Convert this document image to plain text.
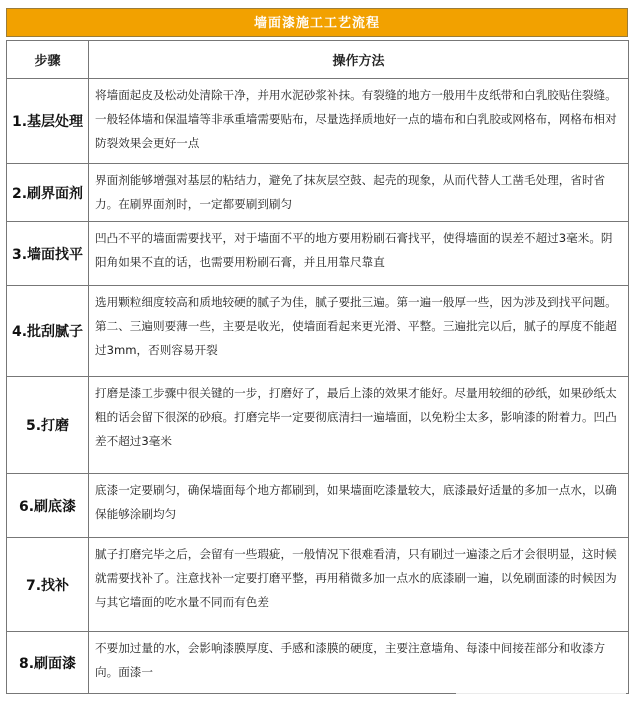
墙面漆施工工艺流程
步骤	操作方法
1.基层处理	将墙面起皮及松动处清除干净，并用水泥砂浆补抹。有裂缝的地方一般用牛皮纸带和白乳胶贴住裂缝。一般轻体墙和保温墙等非承重墙需要贴布，尽量选择质地好一点的墙布和白乳胶或网格布，网格布相对防裂效果会更好一点
2.刷界面剂	界面剂能够增强对基层的粘结力，避免了抹灰层空鼓、起壳的现象，从而代替人工凿毛处理，省时省力。在刷界面剂时，一定都要刷到刷匀
3.墙面找平	凹凸不平的墙面需要找平，对于墙面不平的地方要用粉刷石膏找平，使得墙面的误差不超过3毫米。阴阳角如果不直的话，也需要用粉刷石膏，并且用靠尺靠直
4.批刮腻子	选用颗粒细度较高和质地较硬的腻子为佳，腻子要批三遍。第一遍一般厚一些，因为涉及到找平问题。第二、三遍则要薄一些，主要是收光，使墙面看起来更光滑、平整。三遍批完以后，腻子的厚度不能超过3mm，否则容易开裂
5.打磨	打磨是漆工步骤中很关键的一步，打磨好了，最后上漆的效果才能好。尽量用较细的砂纸，如果砂纸太粗的话会留下很深的砂痕。打磨完毕一定要彻底清扫一遍墙面，以免粉尘太多，影响漆的附着力。凹凸差不超过3毫米
6.刷底漆	底漆一定要刷匀，确保墙面每个地方都刷到，如果墙面吃漆量较大，底漆最好适量的多加一点水，以确保能够涂刷均匀
7.找补	腻子打磨完毕之后，会留有一些瑕疵，一般情况下很难看清，只有刷过一遍漆之后才会很明显，这时候就需要找补了。注意找补一定要打磨平整，再用稍微多加一点水的底漆刷一遍，以免刷面漆的时候因为与其它墙面的吃水量不同而有色差
8.刷面漆	不要加过量的水，会影响漆膜厚度、手感和漆膜的硬度，主要注意墙角、每漆中间接茬部分和收漆方向。面漆一
